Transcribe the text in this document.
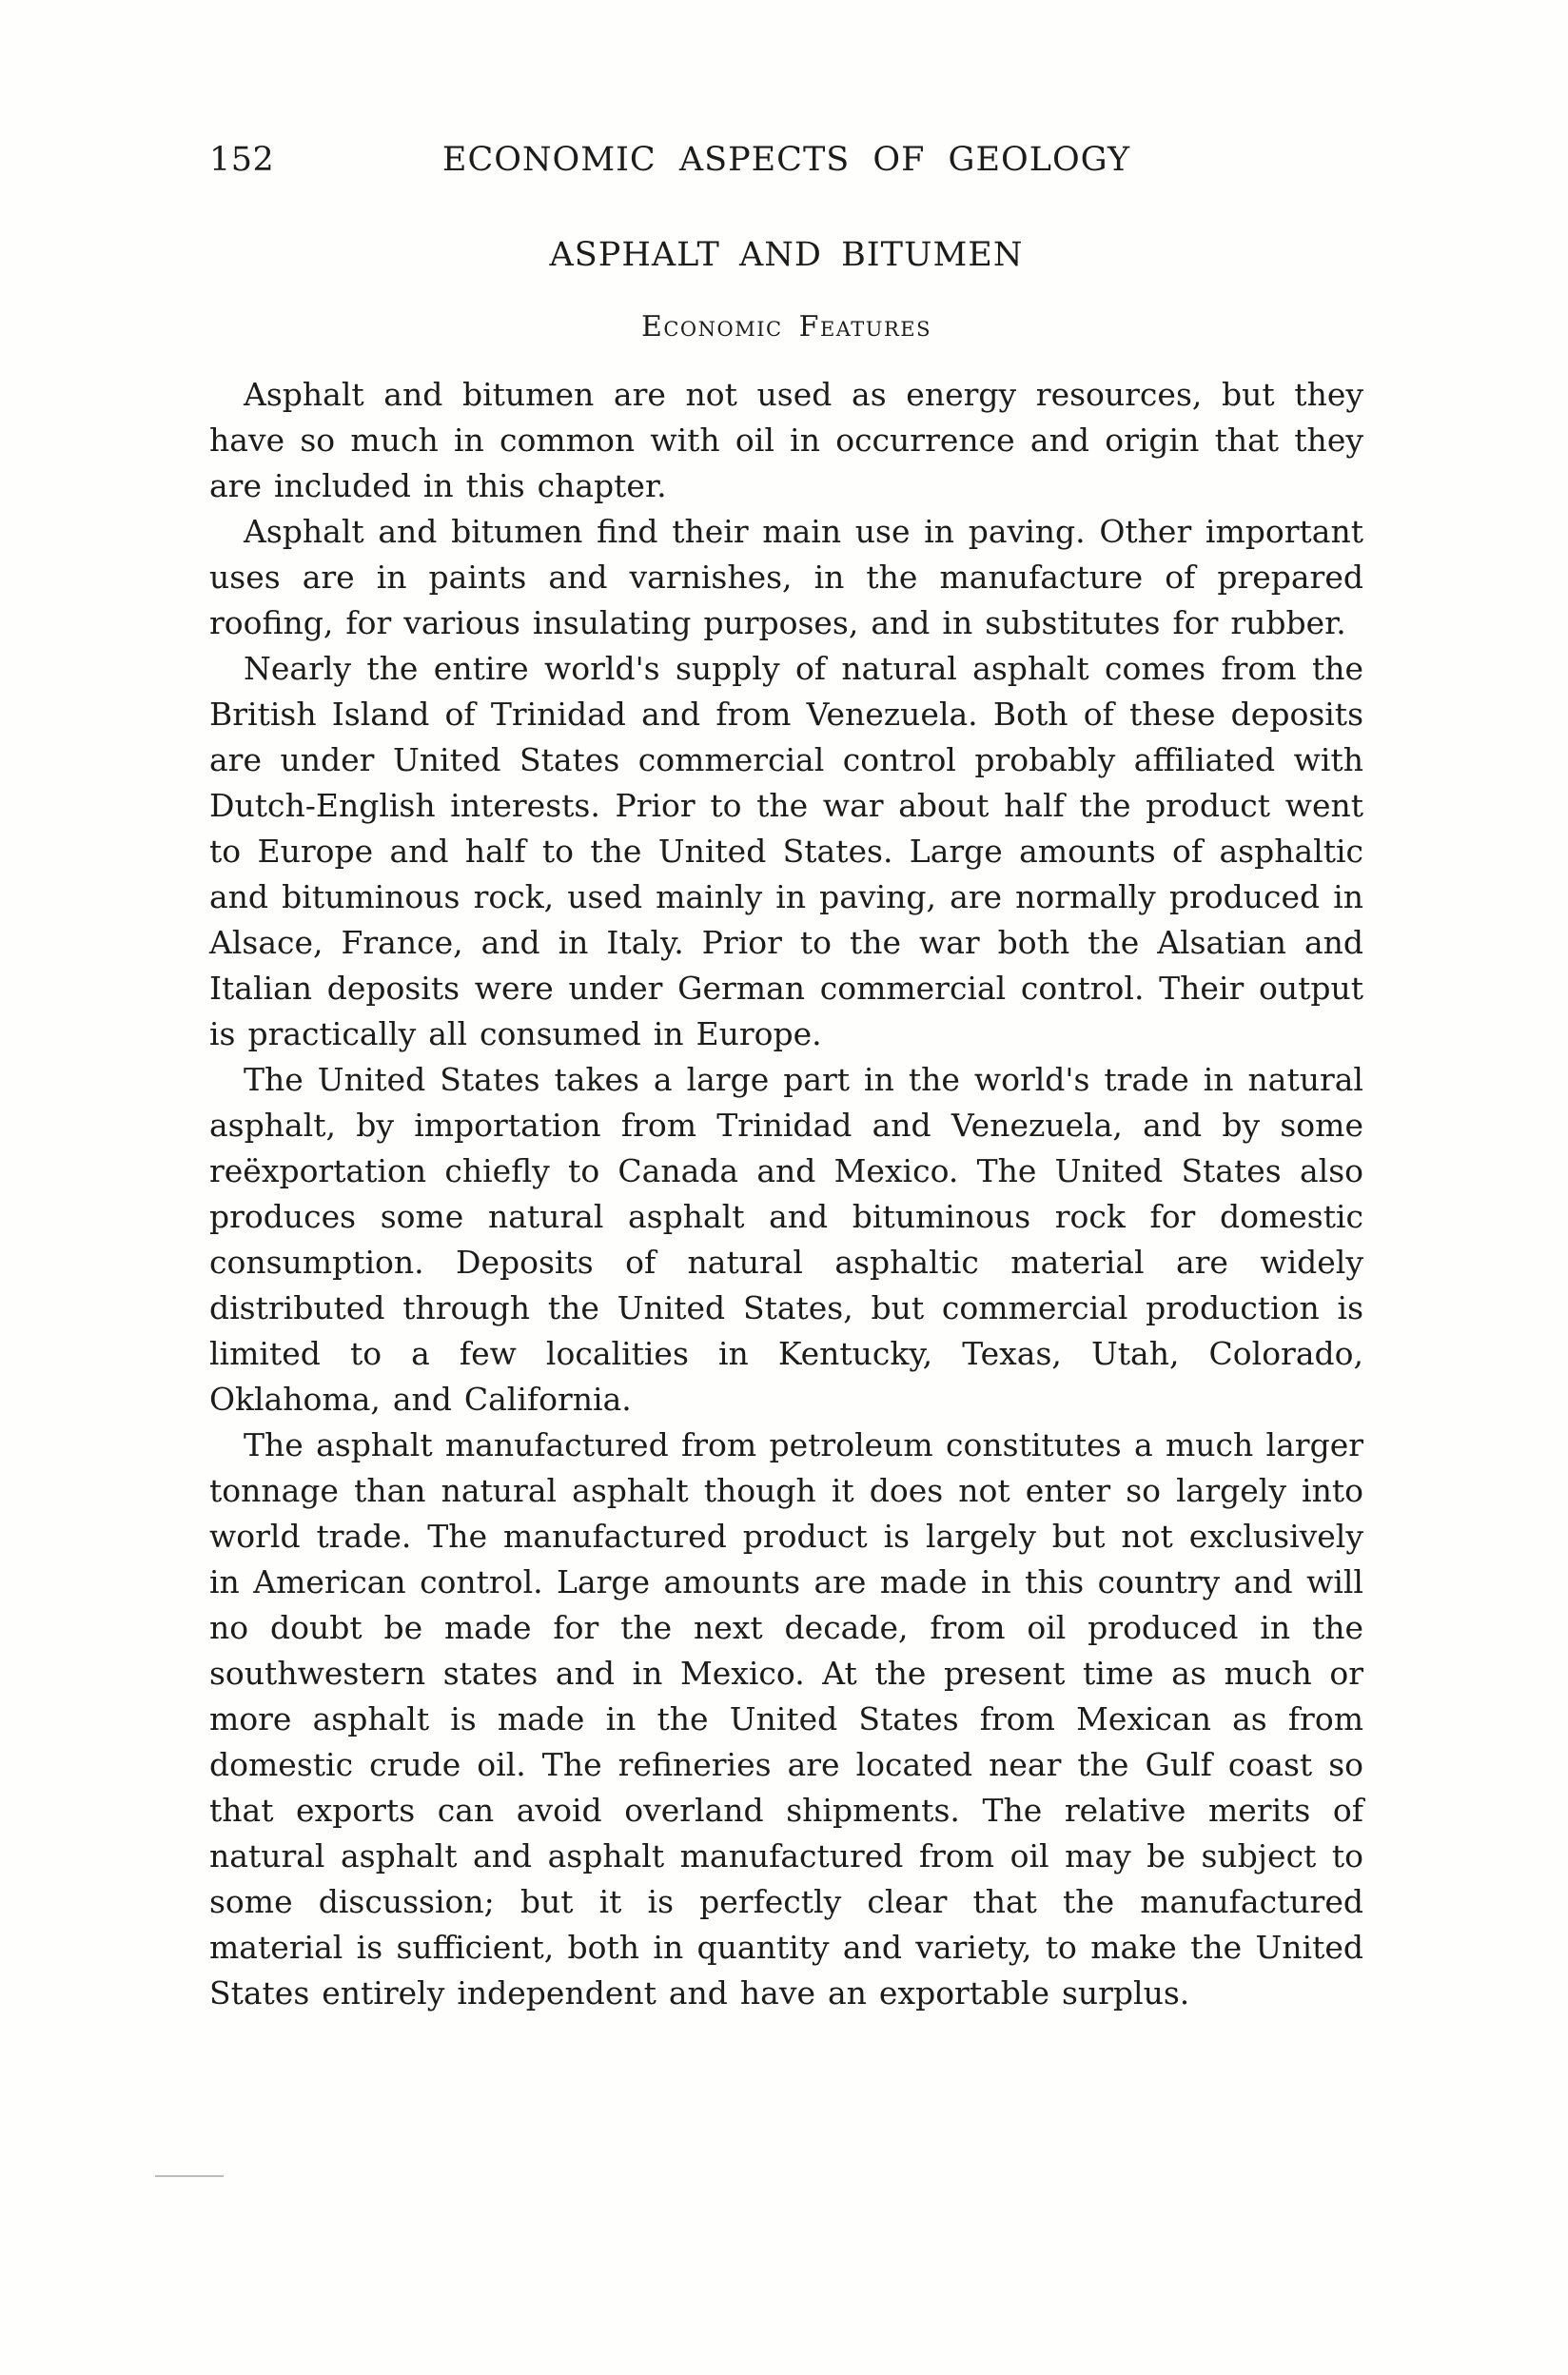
152	ECONOMIC ASPECTS OF GEOLOGY
ASPHALT AND BITUMEN
Economic Features

Asphalt and bitumen are not used as energy resources, but they have so much in common with oil in occurrence and origin that they are included in this chapter.

Asphalt and bitumen find their main use in paving. Other important uses are in paints and varnishes, in the manufacture of prepared roofing, for various insulating purposes, and in substitutes for rubber.

Nearly the entire world's supply of natural asphalt comes from the British Island of Trinidad and from Venezuela. Both of these deposits are under United States commercial control probably affiliated with Dutch-English interests. Prior to the war about half the product went to Europe and half to the United States. Large amounts of asphaltic and bituminous rock, used mainly in paving, are normally produced in Alsace, France, and in Italy. Prior to the war both the Alsatian and Italian deposits were under German commercial control. Their output is practically all consumed in Europe.

The United States takes a large part in the world's trade in natural asphalt, by importation from Trinidad and Venezuela, and by some reëxportation chiefly to Canada and Mexico. The United States also produces some natural asphalt and bituminous rock for domestic consumption. Deposits of natural asphaltic material are widely distributed through the United States, but commercial production is limited to a few localities in Kentucky, Texas, Utah, Colorado, Oklahoma, and California.

The asphalt manufactured from petroleum constitutes a much larger tonnage than natural asphalt though it does not enter so largely into world trade. The manufactured product is largely but not exclusively in American control. Large amounts are made in this country and will no doubt be made for the next decade, from oil produced in the southwestern states and in Mexico. At the present time as much or more asphalt is made in the United States from Mexican as from domestic crude oil. The refineries are located near the Gulf coast so that exports can avoid overland shipments. The relative merits of natural asphalt and asphalt manufactured from oil may be subject to some discussion; but it is perfectly clear that the manufactured material is sufficient, both in quantity and variety, to make the United States entirely independent and have an exportable surplus.
